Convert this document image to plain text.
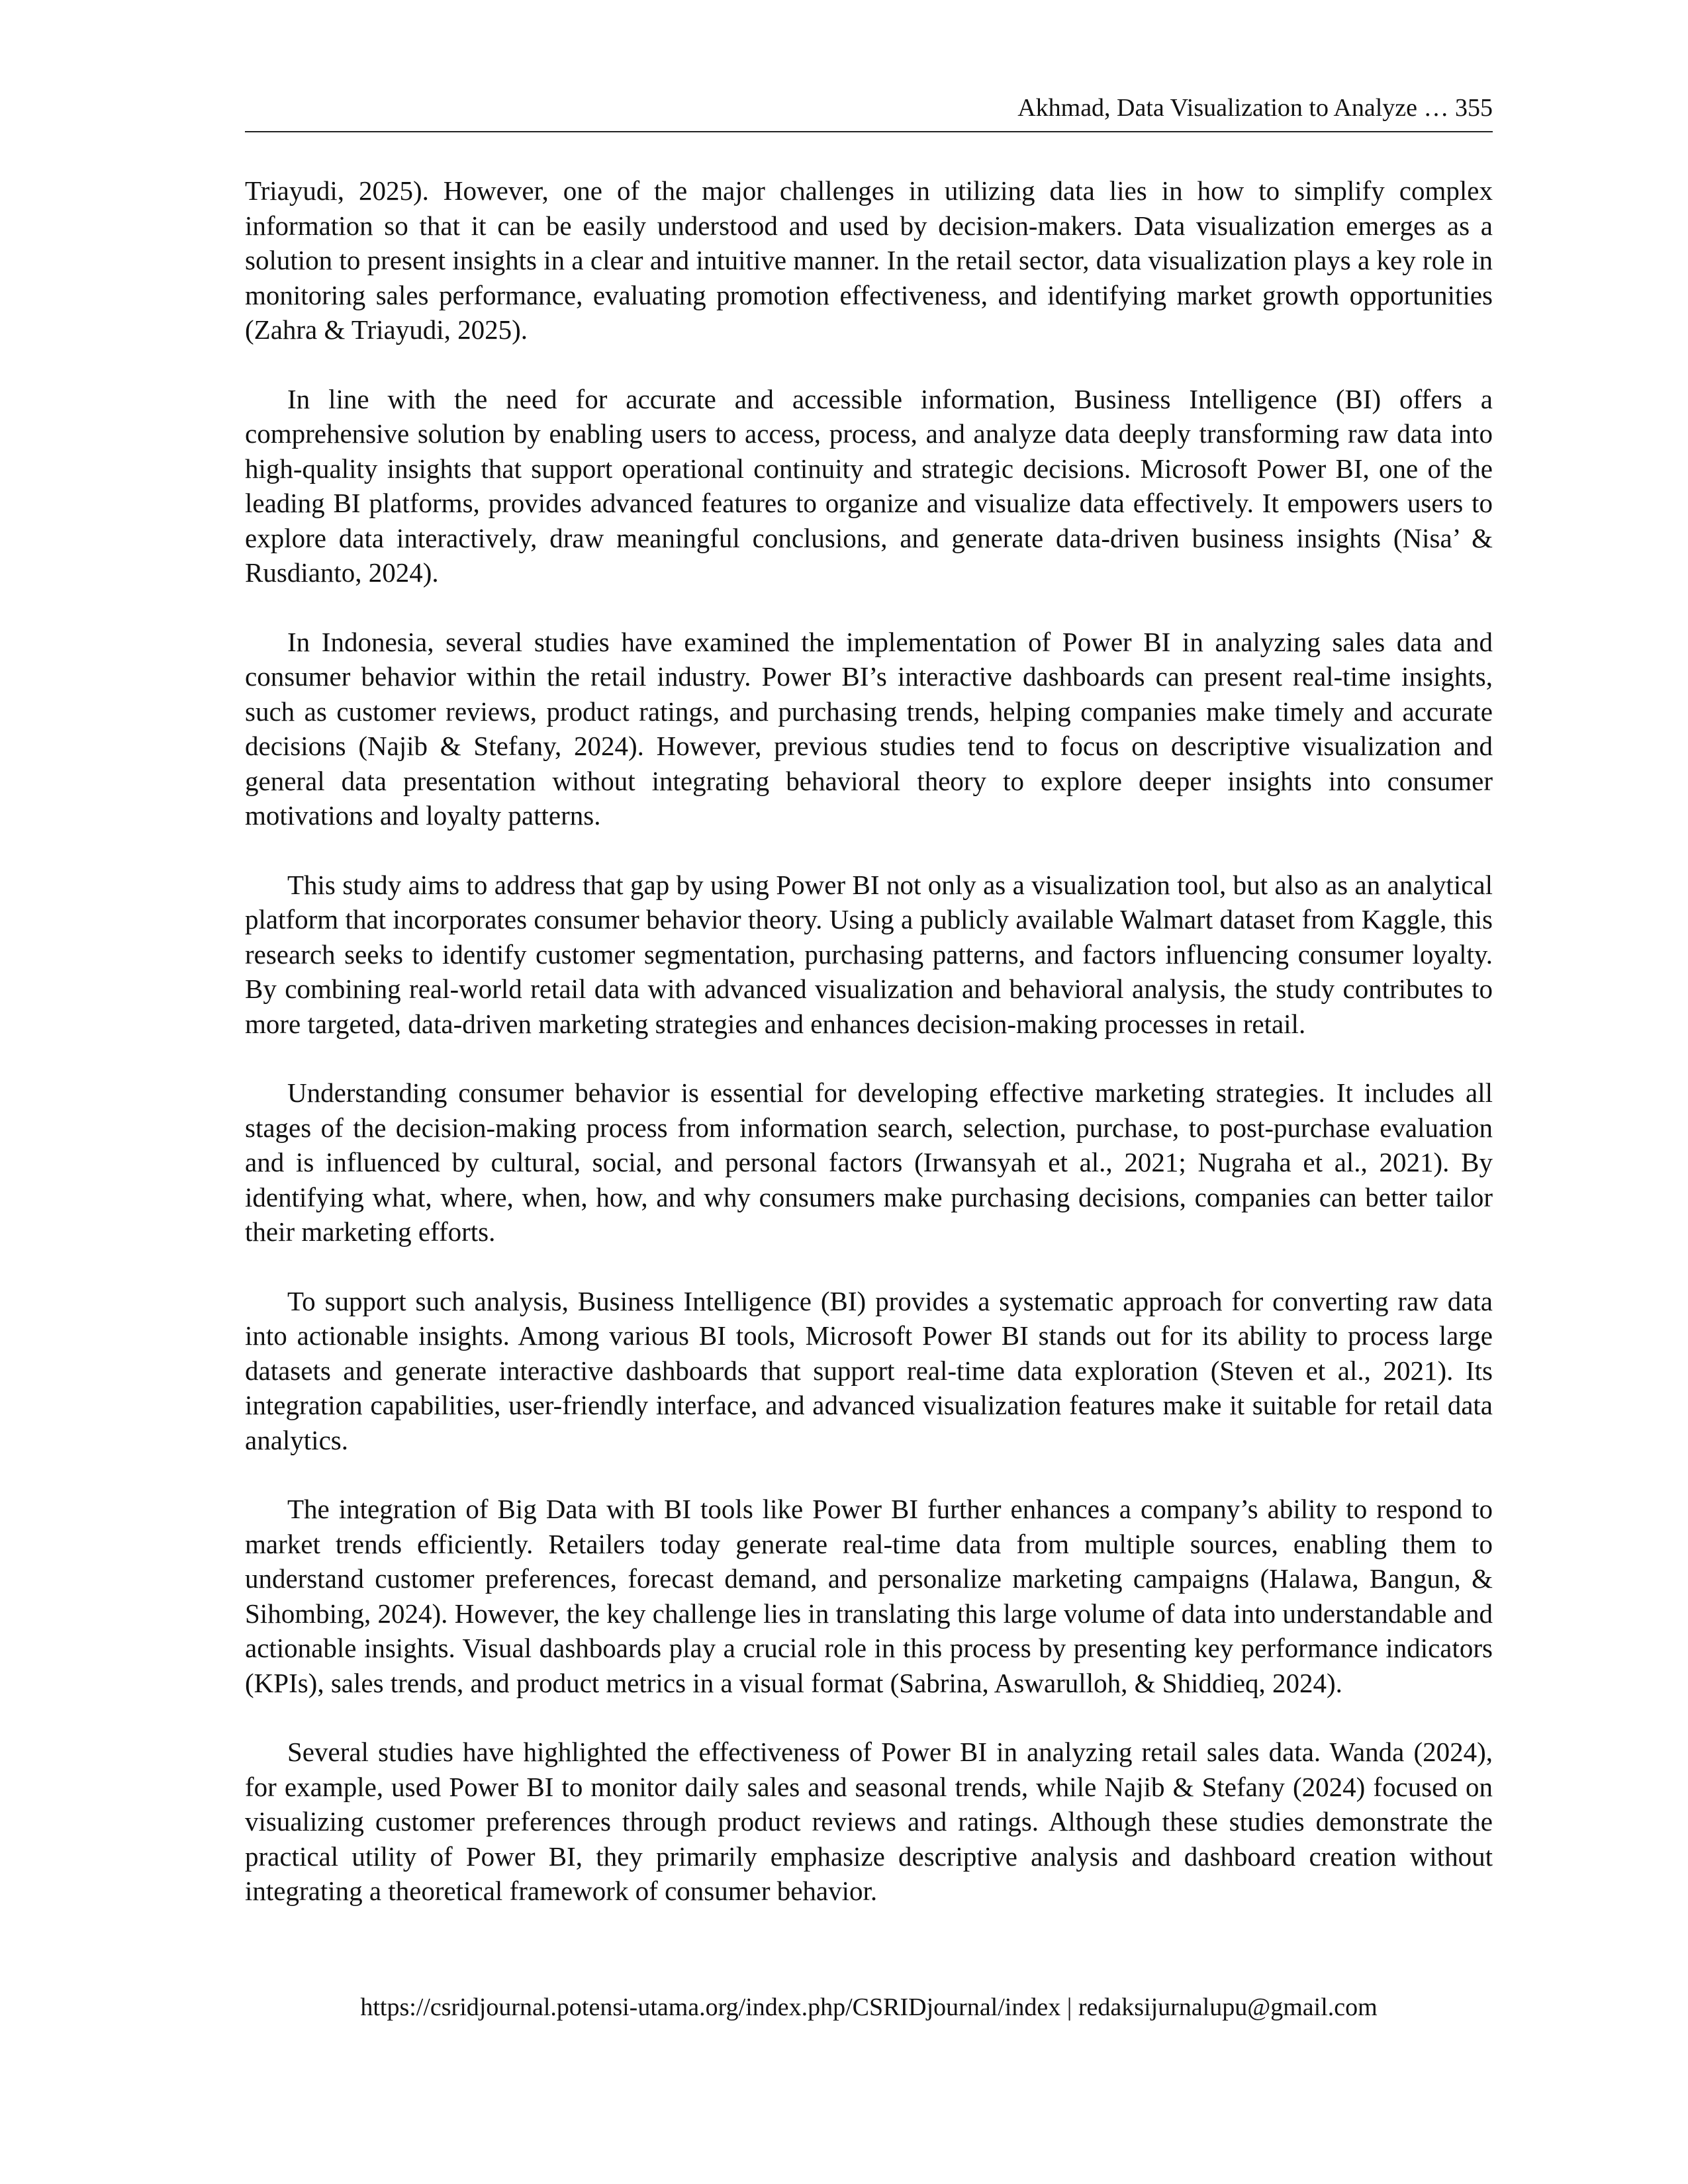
Akhmad, Data Visualization to Analyze … 355

Triayudi, 2025). However, one of the major challenges in utilizing data lies in how to simplify complex information so that it can be easily understood and used by decision-makers. Data visualization emerges as a solution to present insights in a clear and intuitive manner. In the retail sector, data visualization plays a key role in monitoring sales performance, evaluating promotion effectiveness, and identifying market growth opportunities (Zahra & Triayudi, 2025).

In line with the need for accurate and accessible information, Business Intelligence (BI) offers a comprehensive solution by enabling users to access, process, and analyze data deeply transforming raw data into high-quality insights that support operational continuity and strategic decisions. Microsoft Power BI, one of the leading BI platforms, provides advanced features to organize and visualize data effectively. It empowers users to explore data interactively, draw meaningful conclusions, and generate data-driven business insights (Nisa’ & Rusdianto, 2024).

In Indonesia, several studies have examined the implementation of Power BI in analyzing sales data and consumer behavior within the retail industry. Power BI’s interactive dashboards can present real-time insights, such as customer reviews, product ratings, and purchasing trends, helping companies make timely and accurate decisions (Najib & Stefany, 2024). However, previous studies tend to focus on descriptive visualization and general data presentation without integrating behavioral theory to explore deeper insights into consumer motivations and loyalty patterns.

This study aims to address that gap by using Power BI not only as a visualization tool, but also as an analytical platform that incorporates consumer behavior theory. Using a publicly available Walmart dataset from Kaggle, this research seeks to identify customer segmentation, purchasing patterns, and factors influencing consumer loyalty. By combining real-world retail data with advanced visualization and behavioral analysis, the study contributes to more targeted, data-driven marketing strategies and enhances decision-making processes in retail.

Understanding consumer behavior is essential for developing effective marketing strategies. It includes all stages of the decision-making process from information search, selection, purchase, to post-purchase evaluation and is influenced by cultural, social, and personal factors (Irwansyah et al., 2021; Nugraha et al., 2021). By identifying what, where, when, how, and why consumers make purchasing decisions, companies can better tailor their marketing efforts.

To support such analysis, Business Intelligence (BI) provides a systematic approach for converting raw data into actionable insights. Among various BI tools, Microsoft Power BI stands out for its ability to process large datasets and generate interactive dashboards that support real-time data exploration (Steven et al., 2021). Its integration capabilities, user-friendly interface, and advanced visualization features make it suitable for retail data analytics.

The integration of Big Data with BI tools like Power BI further enhances a company’s ability to respond to market trends efficiently. Retailers today generate real-time data from multiple sources, enabling them to understand customer preferences, forecast demand, and personalize marketing campaigns (Halawa, Bangun, & Sihombing, 2024). However, the key challenge lies in translating this large volume of data into understandable and actionable insights. Visual dashboards play a crucial role in this process by presenting key performance indicators (KPIs), sales trends, and product metrics in a visual format (Sabrina, Aswarulloh, & Shiddieq, 2024).

Several studies have highlighted the effectiveness of Power BI in analyzing retail sales data. Wanda (2024), for example, used Power BI to monitor daily sales and seasonal trends, while Najib & Stefany (2024) focused on visualizing customer preferences through product reviews and ratings. Although these studies demonstrate the practical utility of Power BI, they primarily emphasize descriptive analysis and dashboard creation without integrating a theoretical framework of consumer behavior.

https://csridjournal.potensi-utama.org/index.php/CSRIDjournal/index | redaksijurnalupu@gmail.com
